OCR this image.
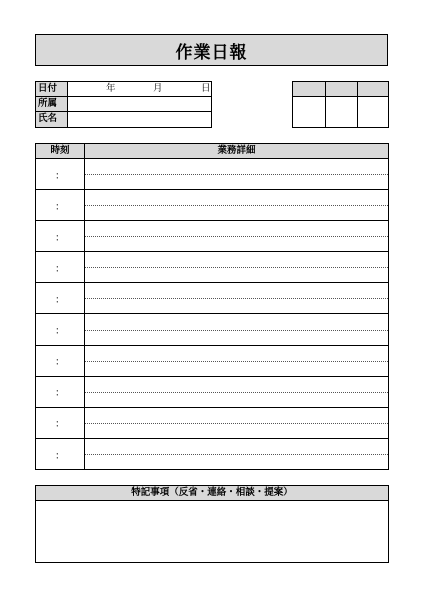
作業日報
日付	年	月	日
所属
氏名
時刻	業務詳細
：
：
：
：
：
：
：
：
：
：
特記事項（反省・連絡・相談・提案）
